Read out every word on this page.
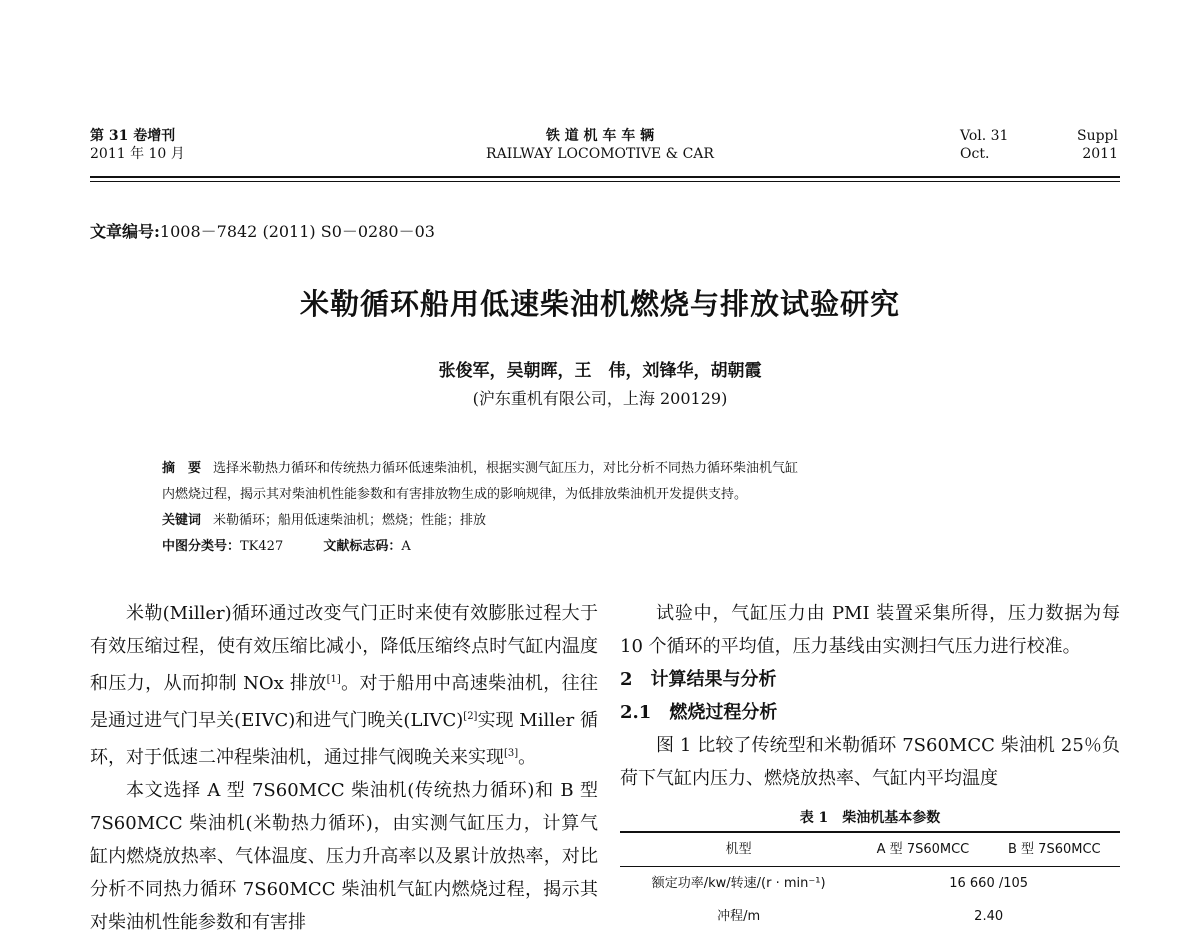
第 31 卷增刊
2011 年 10 月
铁 道 机 车 车 辆
RAILWAY LOCOMOTIVE & CAR
Vol. 31	Suppl
Oct.	2011
文章编号:1008－7842 (2011) S0－0280－03
米勒循环船用低速柴油机燃烧与排放试验研究
张俊军，吴朝晖，王　伟，刘锋华，胡朝霞
(沪东重机有限公司，上海 200129)

摘　要 选择米勒热力循环和传统热力循环低速柴油机，根据实测气缸压力，对比分析不同热力循环柴油机气缸

内燃烧过程，揭示其对柴油机性能参数和有害排放物生成的影响规律，为低排放柴油机开发提供支持。

关键词 米勒循环；船用低速柴油机；燃烧；性能；排放

中图分类号：TK427	文献标志码：A

米勒(Miller)循环通过改变气门正时来使有效膨胀过程大于有效压缩过程，使有效压缩比减小，降低压缩终点时气缸内温度和压力，从而抑制 NOx 排放[1]。对于船用中高速柴油机，往往是通过进气门早关(EIVC)和进气门晚关(LIVC)[2]实现 Miller 循环，对于低速二冲程柴油机，通过排气阀晚关来实现[3]。

本文选择 A 型 7S60MCC 柴油机(传统热力循环)和 B 型 7S60MCC 柴油机(米勒热力循环)，由实测气缸压力，计算气缸内燃烧放热率、气体温度、压力升高率以及累计放热率，对比分析不同热力循环 7S60MCC 柴油机气缸内燃烧过程，揭示其对柴油机性能参数和有害排

试验中，气缸压力由 PMI 装置采集所得，压力数据为每 10 个循环的平均值，压力基线由实测扫气压力进行校准。

2　计算结果与分析

2.1　燃烧过程分析

图 1 比较了传统型和米勒循环 7S60MCC 柴油机 25％负荷下气缸内压力、燃烧放热率、气缸内平均温度

表 1　柴油机基本参数
机型	A 型 7S60MCC	B 型 7S60MCC
额定功率/kw/转速/(r · min⁻¹)	16 660 /105	
冲程/m	2.40	
